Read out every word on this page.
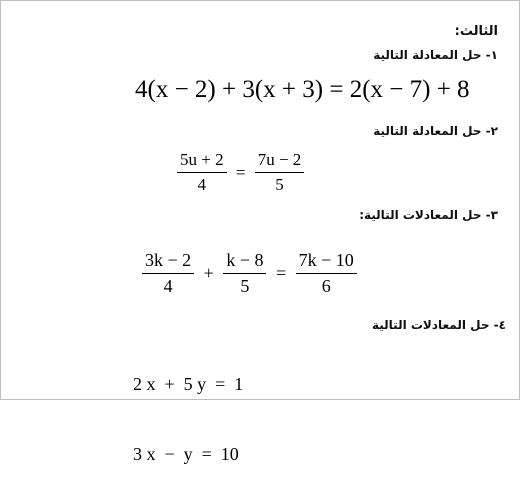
الثالث:
١- حل المعادلة التالية
4(x − 2) + 3(x + 3) = 2(x − 7) + 8
٢- حل المعادلة التالية
$\frac{5u + 2}{4} = \frac{7u - 2}{5}$
٣- حل المعادلات التالية:
$\frac{3k - 2}{4} + \frac{k - 8}{5} = \frac{7k - 10}{6}$
٤- حل المعادلات التالية

2 x  +  5 y  =  1

3 x  −  y  =  10
